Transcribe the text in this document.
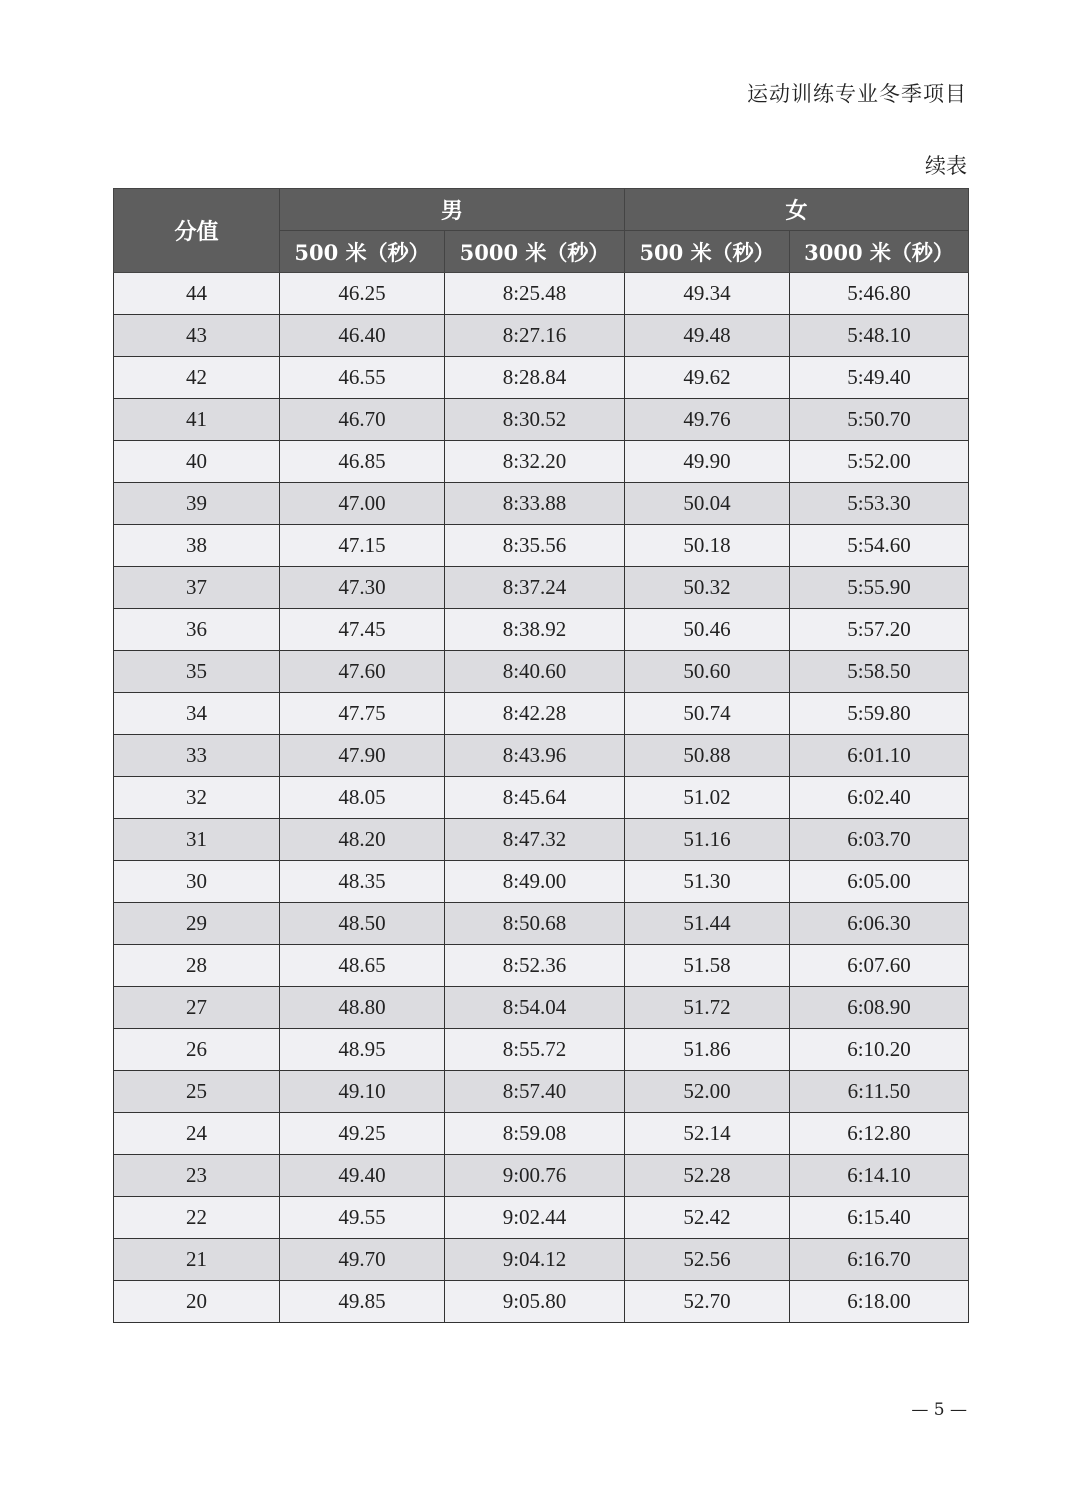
运动训练专业冬季项目
续表
分值	男		女	
	500 米（秒）	5000 米（秒）	500 米（秒）	3000 米（秒）
44	46.25	8:25.48	49.34	5:46.80
43	46.40	8:27.16	49.48	5:48.10
42	46.55	8:28.84	49.62	5:49.40
41	46.70	8:30.52	49.76	5:50.70
40	46.85	8:32.20	49.90	5:52.00
39	47.00	8:33.88	50.04	5:53.30
38	47.15	8:35.56	50.18	5:54.60
37	47.30	8:37.24	50.32	5:55.90
36	47.45	8:38.92	50.46	5:57.20
35	47.60	8:40.60	50.60	5:58.50
34	47.75	8:42.28	50.74	5:59.80
33	47.90	8:43.96	50.88	6:01.10
32	48.05	8:45.64	51.02	6:02.40
31	48.20	8:47.32	51.16	6:03.70
30	48.35	8:49.00	51.30	6:05.00
29	48.50	8:50.68	51.44	6:06.30
28	48.65	8:52.36	51.58	6:07.60
27	48.80	8:54.04	51.72	6:08.90
26	48.95	8:55.72	51.86	6:10.20
25	49.10	8:57.40	52.00	6:11.50
24	49.25	8:59.08	52.14	6:12.80
23	49.40	9:00.76	52.28	6:14.10
22	49.55	9:02.44	52.42	6:15.40
21	49.70	9:04.12	52.56	6:16.70
20	49.85	9:05.80	52.70	6:18.00
— 5 —
